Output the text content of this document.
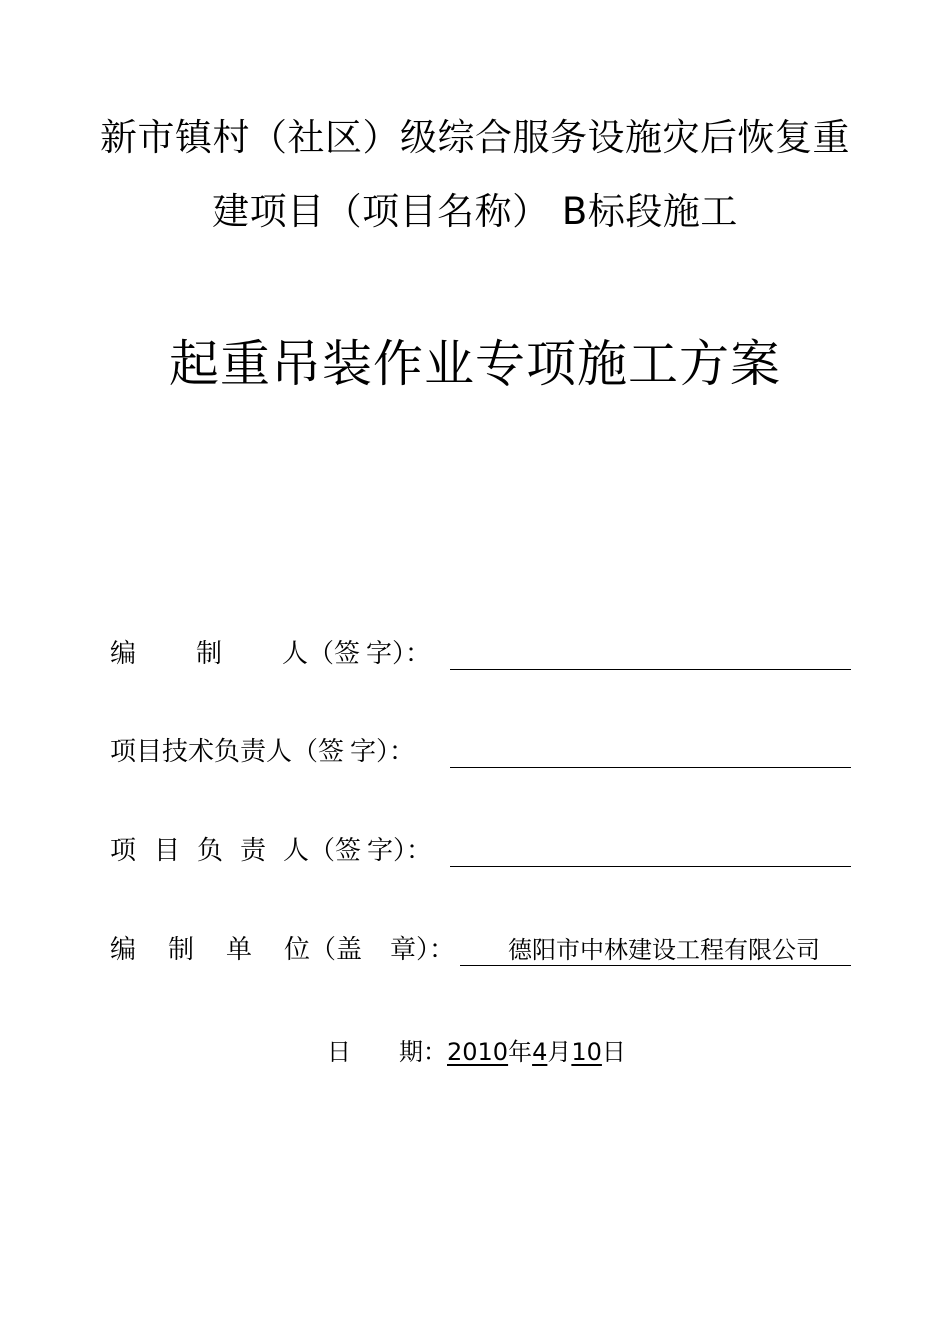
新市镇村（社区）级综合服务设施灾后恢复重
建项目（项目名称） B标段施工
起重吊装作业专项施工方案
编 制 人（签 字）：
项目技术负责人（签 字）：
项 目 负 责 人（签 字）：
编 制 单 位（盖 章）： 德阳市中林建设工程有限公司
日　　期：2010年4月10日
